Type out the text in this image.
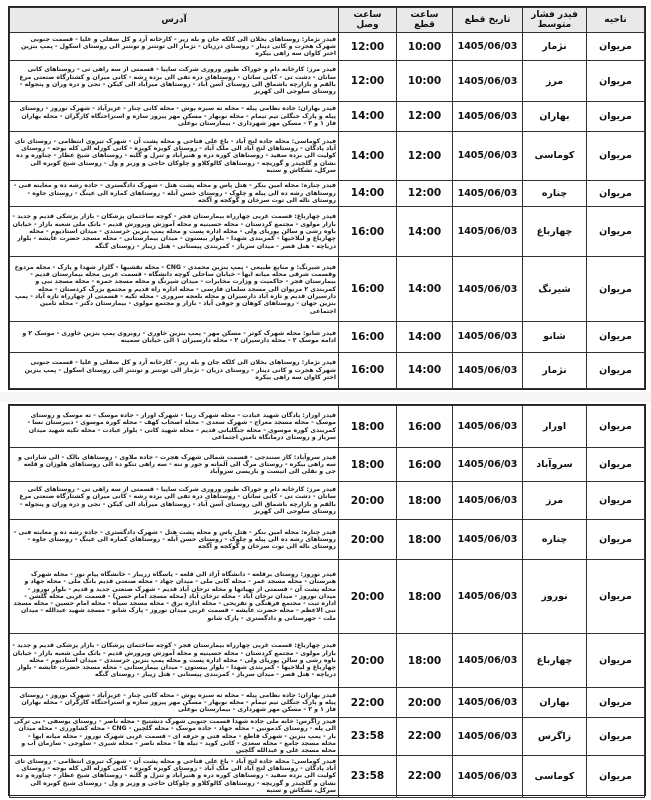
ناحیه	فیدر فشار متوسط	تاریخ قطع	ساعت قطع	ساعت وصل	آدرس
مریوان	نژمار	1405/06/03	10:00	12:00	فیدر نژمار: روستاهای بخلان الی کلکه جان و بله زیر - کارخانه آرد و کل سقلی و علیا - قسمت جنوبی شهرک هجرت و کانی دینار - روستای درزیان - نژمار الی تونتنر و تونتنر الی روستای اسکول - پمپ بنزین اختر کاوان سه راهی بیکره
مریوان	مرز	1405/06/03	10:00	12:00	فیدر مرز: کارخانه دام و خوراک طیور وروری شرکت ساپیا - قسمتی از سه راهی تی - روستاهای کانی سانان - دشت تی - کانی سانان - روستاهای دره تفی الی برده رشه - کانی میران و کشتارگاه صنعتی مرغ بالقم و بازارچه باشماق الی روستای آسن آباد - روستاهای میرآباد الی کیکن - نجی و دره وران و پنجوله - روستای سلوجی الی کهریز
مریوان	بهاران	1405/06/03	12:00	14:00	فیدر بهاران: جاده نظامی پیله - محله ته سبزه پوش - محله کانی چنار - عزیزآباد - شهرک نوروز - روستای پیله و پارک جنگلی تیم تیمام - محله نوبهار - مسکن مهر پیروز سازه و استراحتگاه کارگران - محله بهاران فاز ۱ و ۲ - مسکن مهر شهرداری - بیمارستان بوعلی
مریوان	کوماسی	1405/06/03	12:00	14:00	فیدر کوماسی: محله جاده لنج آباد - باغ علی فتاحی و محله پشت آن - شهرک تیروی انتظامی - روستای تای آباد پادگان - روستاهای لنج آباد الی ملک آباد - روستای کویزه کویزه - کانی کوزله الی کله بوجه - روستای کولیت الی برده سفید - روستاهای کوره دره و هنیرآباد و تنرل و گلبه - روستاهای شیخ عطار - چناوره و ده نشان و گلچیدر و گوریچه - روستاهای کالوکلاو و چلوکان حاجی و وزیر و ول - روستای شیخ کوبره الی سرکل، نشکاش و ستبه
مریوان	چناره	1405/06/03	12:00	14:00	فیدر چناره: محله امین بنکر - هتل پاس و محله پشت هتل - شهرک دادگستری - جاده رشه ده و معاینه فنی - روستاهای رشه ده الی پیله و چلوک - روستای حسن آبله - روستاهای کماره الی عینگ - روستای جاوه - روستای ناله الی توت سرخان و گوکجه و آگجه
مریوان	چهارباغ	1405/06/03	14:00	16:00	فیدر چهارباغ: قسمت غربی چهارراه بیمارستان فجر - کوچه ساختمان پزشکان - بازار پزشکی قدیم و جدید - بازار مولوی - مجتمع کردستان - محله حسینیه و محله آموزش وپرورش قدیم - بانک ملی شعبه بازار - خیابان باوه رشی و سالن پوریای ولی - محله اداره پست و محله پمپ بنزین خرسندی - میدان استادیوم - محله چهارباغ و لیلاخیها - کمربندی شهدا - بلوار بیستون - میدان بیمارستانی - محله مسجد حضرت عایشه - بلوار دریاچه - هتل قصر - میدان سرباز - کمربندی پیستانی - هتل زیبار - روستای گنگه
مریوان	شیرنگ	1405/06/03	14:00	16:00	فیدر شیرنگ: و منابع طبیعی - پمپ بنزین محمدی - CNG - محله نقشیها - گلزار شهدا و پارک - محله مردوخ وقسمت شرقی محله میانه ابها - خیابان ساحلی کوچه دانشگاه - قسمت غربی محله بیمارستان قدیم - بیمارستان فجر - حاکمیت و وزارت مخابرات - میدان شیرنگ و محله مسجد حمزه - محله مسجد نبی و کمربندی ۲ مریوان الی مسجد سلمان فارسی - محله اداره راه قدیم و مجتمع بزرگ کردستان - محله دارسیران قدیم و تازه آباد دارسیران و محله بلعجه سروری - محله تکیه - قسمتی از چهارراه تازه آباد - پمپ بنزین جهان - روستاهای کوهان و جوقی آباد - بازار و مجتمع مولوی - بیمارستان دکتر - محله تامین اجتماعی
مریوان	شانو	1405/06/03	14:00	16:00	فیدر شانو: محله شهرک کوثر - مسکن مهر - پمپ بنزین خاوری - روبروی پمپ بنزین خاوری - موسک ۲ و ادامه موسک ۲ - محله دارسیران ۲ - محله دارسیران ۱ الی خیابان سمینه
مریوان	نژمار	1405/06/03	14:00	16:00	فیدر نژمار: روستاهای بخلان الی کلکه جان و بله زیر - کارخانه آرد و کل سقلی و علیا - قسمت جنوبی شهرک هجرت و کانی دینار - روستای دزیان - نژمار الی تونتنر و تونتنر الی روستای اسکول - پمپ بنزین اختر کاوان سه راهی بیکره
مریوان	اورار	1405/06/03	16:00	18:00	فیدر اورار: پادگان شهید عبادت - محله شهرک زیبا - شهرک اورار - جاده موسک - ته موسک و روستای موسک - محله مسجد معراج - شهرک سعدی - محله اصحاب کهف - محله کوره موسوی - دبیرستان نسا - کمربندی کوره موسوی - محله جنگلبانی قدیم - محله شهید کانی - بلوار عبادت - محله تکیه شهید میدان سرباز و روستای درمانگاه تامین اجتماعی
مریوان	سروآباد	1405/06/03	16:00	18:00	فیدر سروآباد: کاز سنندجی - قسمت شمالی شهرک هجرت - جاده ملاوی - روستاهای بالک - الی شارانی و سه راهی بیکره - روستای مرگ الی آلمانه و جور و ننه - سه راهی تنکو ده الی روستاهای هلوزان و قلعه جی و نقلی الی انیست و باریسی سروآباد
مریوان	مرز	1405/06/03	18:00	20:00	فیدر مرز: کارخانه دام و خوراک طیور وروری شرکت ساپیا - قسمتی از سه راهی تی - روستاهای کانی سانان - دشت تی - کانی سانان - روستاهای دره تفی الی برده رشه - کانی میران و کشتارگاه صنعتی مرغ بالقم و بازارچه باشماق الی روستای آسن آباد - روستاهای میرآباد الی کیکن - نجی و دره وران و پنجوله - روستای سلوجی الی کهریز
مریوان	چناره	1405/06/03	18:00	20:00	فیدر چناره: محله امین بنکر - هتل پاس و محله پشت هتل - شهرک دادگستری - جاده رشه ده و معاینه فنی - روستاهای رشه ده الی پیله و چلوک - روستای حسن آبله - روستاهای کماره الی عینگ - روستای جاوه - روستای ناله الی توت سرخان و گوکجه و آگجه
مریوان	نوروز	1405/06/03	18:00	20:00	فیدر نوروز: روستای برقلعه - دانشگاه آزاد الی قلعه - پاسگاه زریبار - خانشگاه پیام نور - محله شهرک هنرستان - محله مسجد عمر - محله کانی ملی - میدان جهاد - محله صنعتی قدیم بانک ملی - محله جهاد و محله پشت آن - قسمتی از تهیاتها و محله ترخان آباد قدیم - شهرک صنعتی جدید و قدیم - بلوار نوروز - میدان نوروز - میدان ترخان آباد - محله ترخان آباد (محله مسجد امام حسن) - قسمت غربی محله گلشن - اداره ثبت - مجتمع فرهنگی و تفریحی - محله اداره برق - محله مسجد سیاه - محله امام حسین - محله مسجد نبی الاعظم - محله حضرت عایشه - قسمت غربی میدان نوروز - پارک شانو - مسجد شهید عبدالله - میدان ملت - جهرستانی و دادگستری - پارک شانو
مریوان	چهارباغ	1405/06/03	18:00	20:00	فیدر چهارباغ: قسمت غربی چهارراه بیمارستان فجر - کوچه ساختمان پزشکان - بازار پزشکی قدیم و جدید - بازار مولوی - مجتمع کردستان - محله حسینیه و محله آموزش وپرورش قدیم - بانک ملی شعبه بازار - خیابان باوه رشی و سالن پوریای ولی - محله اداره پست و محله پمپ بنزین خرسندی - میدان استادیوم - محله چهارباغ و لیلاخیها - کمربندی شهدا - بلوار بیستون - میدان بیمارستانی - محله مسجد حضرت عایشه - بلوار دریاچه - هتل قصر - میدان سرباز - کمربندی پیستانی - هتل زیبار - روستای گنگه
مریوان	بهاران	1405/06/03	20:00	22:00	فیدر بهاران: جاده نظامی پیله - محله ته سبزه پوش - محله کانی چنار - عزیزآباد - شهرک نوروز - روستای پیله و پارک جنگلی تیم تیمام - محله نوبهار - مسکن مهر پیروز سازه و استراحتگاه کارگران - محله بهاران فاز ۱ و ۲ - مسکن مهر شهرداری - بیمارستان بوعلی
مریوان	زاگرس	1405/06/03	22:00	23:58	فیدر زاگرس: خانه ملی جاده شهدا قسمت جنوبی شهرک دنشتیج - محله ناصر - روستای یوسفی - بی ترکی الی پله - روستای کدمونین - محله جهاد - جاده موسک - محله گلچین - CNG - محله کشاورزی - محله میدان بار - پمپ بنزین - شهرک قاطع - محله فتی و حرفه ای - قسمت غربی شهرک نوروز - محله میانه ابها - محله مسجد جامع - محله سعدی - کانی کوید - نیله ها - محله ناصر - محله شیری - سلوجی - سازمان آب و محله مسجد علی و عبدالله گلچین
مریوان	کوماسی	1405/06/03	22:00	23:58	فیدر کوماسی: محله جاده لنج آباد - باغ علی فتاحی و محله پشت آن - شهرک تیروی انتظامی - روستای تای آباد پادگان - روستاهای لنج آباد الی ملک آباد - روستای کویزه کویزه - کانی کوزله الی کله بوجه - روستای کولیت الی برده سفید - روستاهای کوره دره و هنیرآباد و تنرل و گلبه - روستاهای شیخ عطار - چناوره و ده نشان و گلچیدر و گوریچه - روستاهای کالوکلاو و چلوکان حاجی و وزیر و ول - روستای شیخ کوبره الی سرکل، نشکاش و ستبه
